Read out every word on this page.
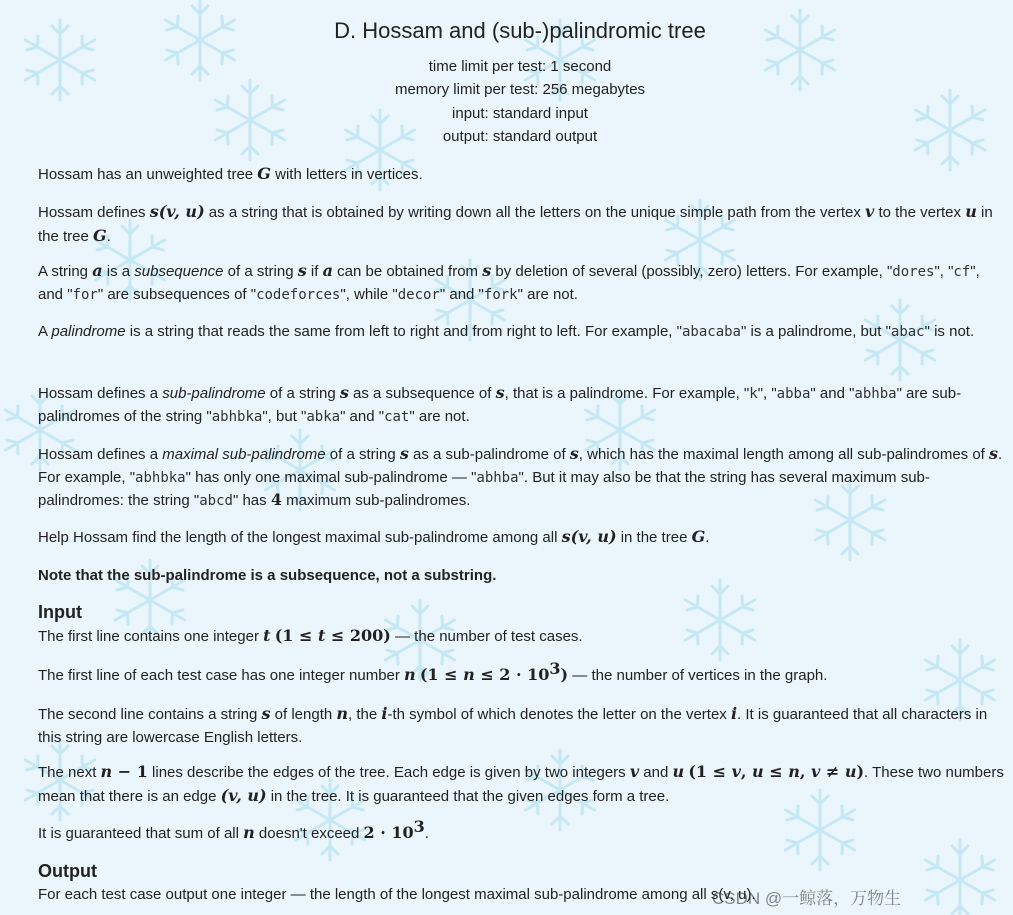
D. Hossam and (sub-)palindromic tree
time limit per test: 1 second
memory limit per test: 256 megabytes
input: standard input
output: standard output
Hossam has an unweighted tree G with letters in vertices.
Hossam defines s(v, u) as a string that is obtained by writing down all the letters on the unique simple path from the vertex v to the vertex u in the tree G.
A string a is a subsequence of a string s if a can be obtained from s by deletion of several (possibly, zero) letters. For example, "dores", "cf", and "for" are subsequences of "codeforces", while "decor" and "fork" are not.
A palindrome is a string that reads the same from left to right and from right to left. For example, "abacaba" is a palindrome, but "abac" is not.
Hossam defines a sub-palindrome of a string s as a subsequence of s, that is a palindrome. For example, "k", "abba" and "abhba" are sub-palindromes of the string "abhbka", but "abka" and "cat" are not.
Hossam defines a maximal sub-palindrome of a string s as a sub-palindrome of s, which has the maximal length among all sub-palindromes of s. For example, "abhbka" has only one maximal sub-palindrome — "abhba". But it may also be that the string has several maximum sub-palindromes: the string "abcd" has 4 maximum sub-palindromes.
Help Hossam find the length of the longest maximal sub-palindrome among all s(v, u) in the tree G.
Note that the sub-palindrome is a subsequence, not a substring.
Input
The first line contains one integer t (1 ≤ t ≤ 200) — the number of test cases.
The first line of each test case has one integer number n $(1 \le n \le 2 \cdot 10^3)$ — the number of vertices in the graph.
The second line contains a string s of length n, the i-th symbol of which denotes the letter on the vertex i. It is guaranteed that all characters in this string are lowercase English letters.
The next n − 1 lines describe the edges of the tree. Each edge is given by two integers v and u (1 ≤ v, u ≤ n, v ≠ u). These two numbers mean that there is an edge (v, u) in the tree. It is guaranteed that the given edges form a tree.
It is guaranteed that sum of all n doesn't exceed $2 \cdot 10^3$.
Output
For each test case output one integer — the length of the longest maximal sub-palindrome among all s(v, u).
CSDN @一鲸落，万物生
